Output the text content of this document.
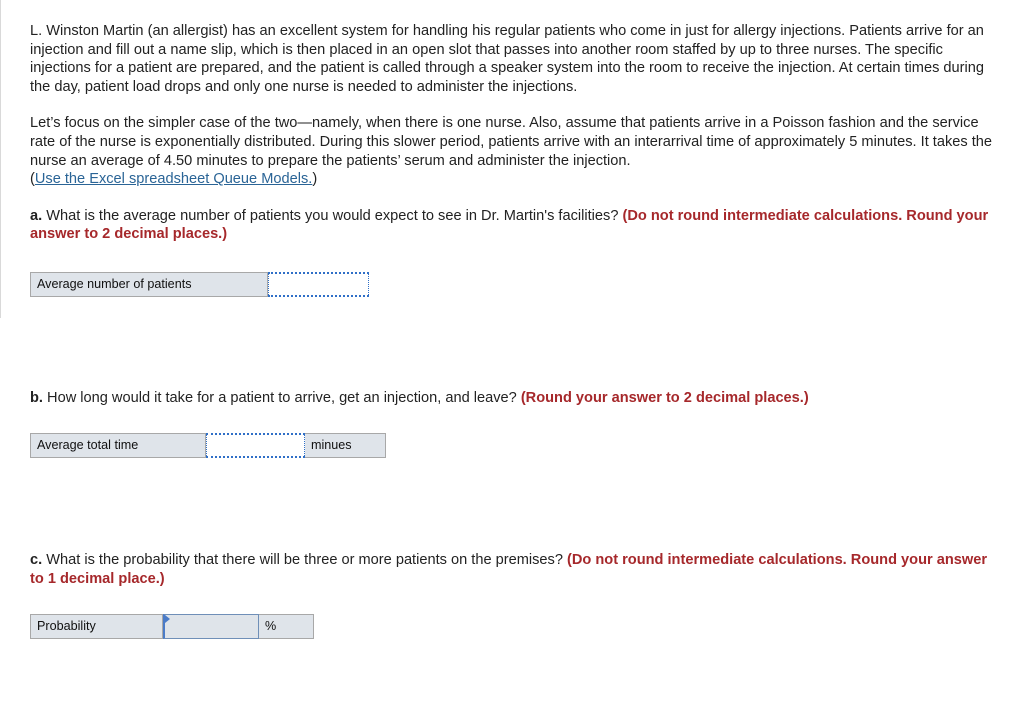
L. Winston Martin (an allergist) has an excellent system for handling his regular patients who come in just for allergy injections. Patients arrive for an injection and fill out a name slip, which is then placed in an open slot that passes into another room staffed by up to three nurses. The specific injections for a patient are prepared, and the patient is called through a speaker system into the room to receive the injection. At certain times during the day, patient load drops and only one nurse is needed to administer the injections.

Let’s focus on the simpler case of the two—namely, when there is one nurse. Also, assume that patients arrive in a Poisson fashion and the service rate of the nurse is exponentially distributed. During this slower period, patients arrive with an interarrival time of approximately 5 minutes. It takes the nurse an average of 4.50 minutes to prepare the patients’ serum and administer the injection.
(Use the Excel spreadsheet Queue Models.)

a. What is the average number of patients you would expect to see in Dr. Martin's facilities? (Do not round intermediate calculations. Round your answer to 2 decimal places.)

Average number of patients

b. How long would it take for a patient to arrive, get an injection, and leave? (Round your answer to 2 decimal places.)

Average total time	minues

c. What is the probability that there will be three or more patients on the premises? (Do not round intermediate calculations. Round your answer to 1 decimal place.)

Probability	%
